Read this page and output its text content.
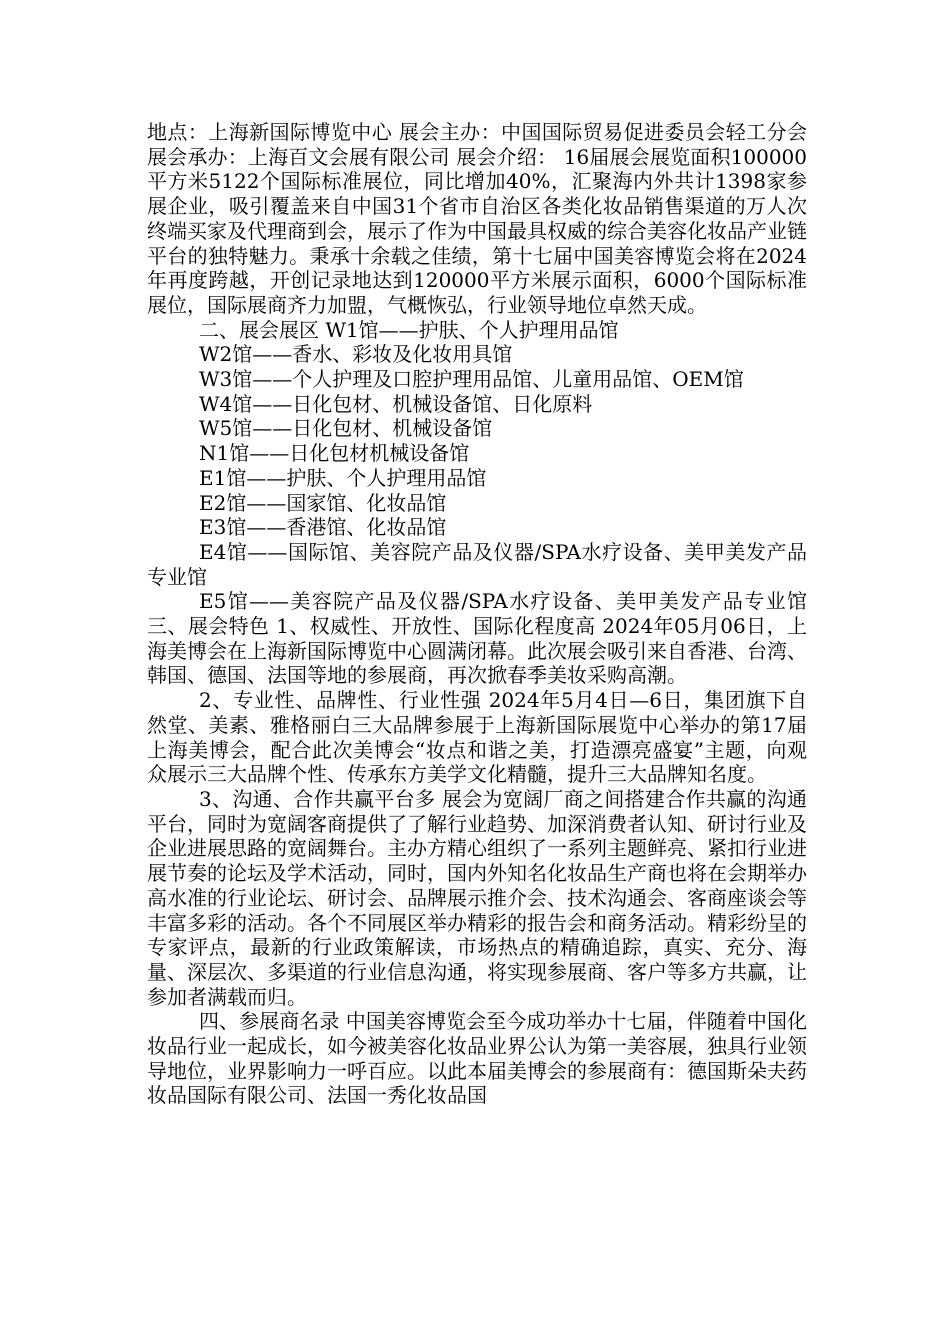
地点：上海新国际博览中心 展会主办：中国国际贸易促进委员会轻工分会 展会承办：上海百文会展有限公司 展会介绍： 16届展会展览面积100000平方米5122个国际标准展位，同比增加40%，汇聚海内外共计1398家参展企业，吸引覆盖来自中国31个省市自治区各类化妆品销售渠道的万人次终端买家及代理商到会，展示了作为中国最具权威的综合美容化妆品产业链平台的独特魅力。秉承十余载之佳绩，第十七届中国美容博览会将在2024年再度跨越，开创记录地达到120000平方米展示面积，6000个国际标准展位，国际展商齐力加盟，气概恢弘，行业领导地位卓然天成。

二、展会展区 W1馆——护肤、个人护理用品馆

W2馆——香水、彩妆及化妆用具馆

W3馆——个人护理及口腔护理用品馆、儿童用品馆、OEM馆

W4馆——日化包材、机械设备馆、日化原料

W5馆——日化包材、机械设备馆

N1馆——日化包材机械设备馆

E1馆——护肤、个人护理用品馆

E2馆——国家馆、化妆品馆

E3馆——香港馆、化妆品馆

E4馆——国际馆、美容院产品及仪器/SPA水疗设备、美甲美发产品专业馆

E5馆——美容院产品及仪器/SPA水疗设备、美甲美发产品专业馆 三、展会特色 1、权威性、开放性、国际化程度高 2024年05月06日，上海美博会在上海新国际博览中心圆满闭幕。此次展会吸引来自香港、台湾、韩国、德国、法国等地的参展商，再次掀春季美妆采购高潮。

2、专业性、品牌性、行业性强 2024年5月4日—6日，集团旗下自然堂、美素、雅格丽白三大品牌参展于上海新国际展览中心举办的第17届上海美博会，配合此次美博会“妆点和谐之美，打造漂亮盛宴”主题，向观众展示三大品牌个性、传承东方美学文化精髓，提升三大品牌知名度。

3、沟通、合作共赢平台多 展会为宽阔厂商之间搭建合作共赢的沟通平台，同时为宽阔客商提供了了解行业趋势、加深消费者认知、研讨行业及企业进展思路的宽阔舞台。主办方精心组织了一系列主题鲜亮、紧扣行业进展节奏的论坛及学术活动，同时，国内外知名化妆品生产商也将在会期举办高水准的行业论坛、研讨会、品牌展示推介会、技术沟通会、客商座谈会等丰富多彩的活动。各个不同展区举办精彩的报告会和商务活动。精彩纷呈的专家评点，最新的行业政策解读，市场热点的精确追踪，真实、充分、海量、深层次、多渠道的行业信息沟通，将实现参展商、客户等多方共赢，让参加者满载而归。

四、参展商名录 中国美容博览会至今成功举办十七届，伴随着中国化妆品行业一起成长，如今被美容化妆品业界公认为第一美容展，独具行业领导地位，业界影响力一呼百应。以此本届美博会的参展商有：德国斯朵夫药妆品国际有限公司、法国一秀化妆品国
